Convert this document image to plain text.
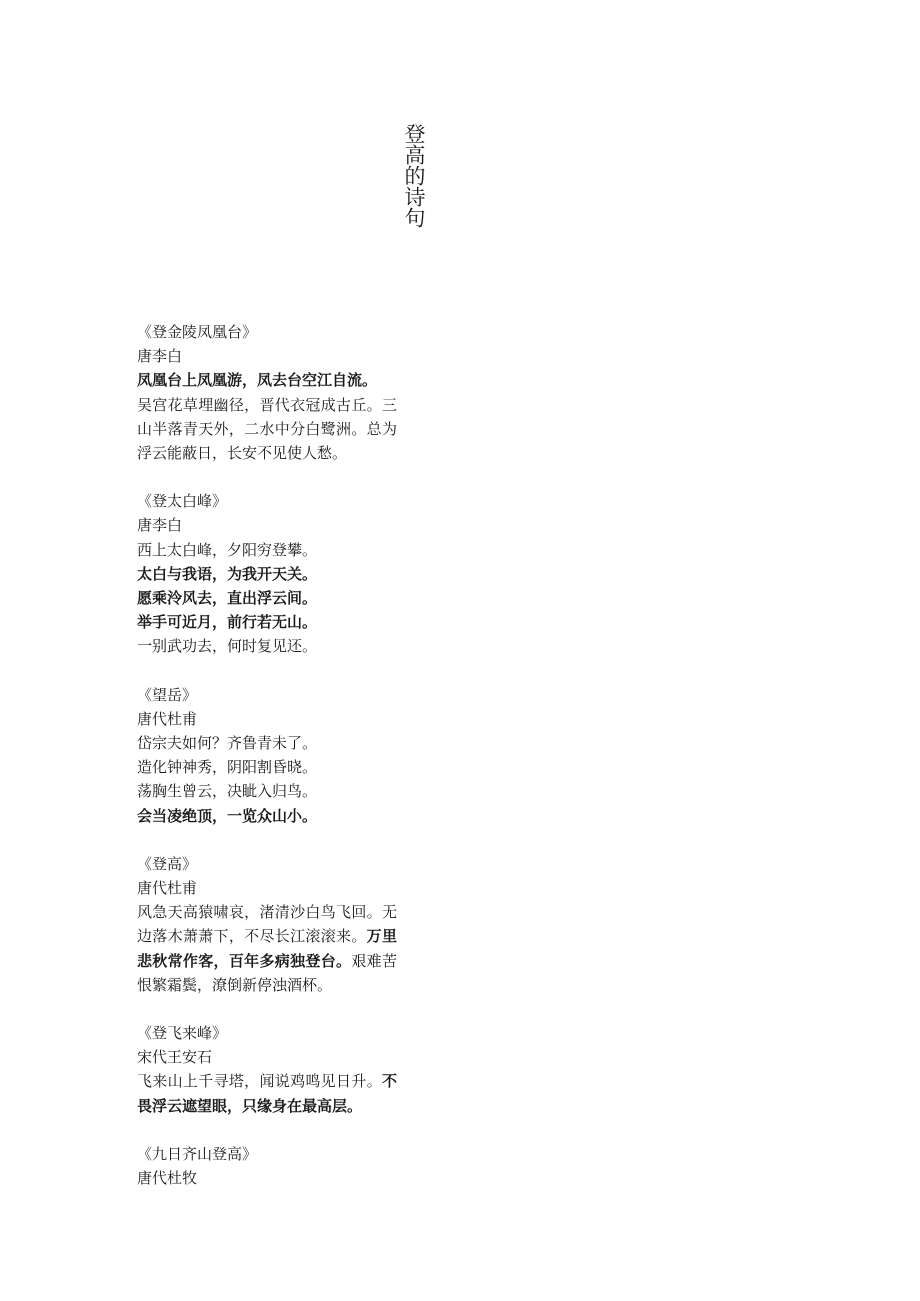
登高的诗句
《登金陵凤凰台》
唐李白
凤凰台上凤凰游，凤去台空江自流。
吴宫花草埋幽径，晋代衣冠成古丘。三山半落青天外，二水中分白鹭洲。总为浮云能蔽日，长安不见使人愁。
《登太白峰》
唐李白
西上太白峰，夕阳穷登攀。
太白与我语，为我开天关。
愿乘泠风去，直出浮云间。
举手可近月，前行若无山。
一别武功去，何时复见还。
《望岳》
唐代杜甫
岱宗夫如何？齐鲁青未了。
造化钟神秀，阴阳割昏晓。
荡胸生曾云，决眦入归鸟。
会当凌绝顶，一览众山小。
《登高》
唐代杜甫
风急天高猿啸哀，渚清沙白鸟飞回。无边落木萧萧下，不尽长江滚滚来。万里悲秋常作客，百年多病独登台。艰难苦恨繁霜鬓，潦倒新停浊酒杯。
《登飞来峰》
宋代王安石
飞来山上千寻塔，闻说鸡鸣见日升。不畏浮云遮望眼，只缘身在最高层。
《九日齐山登高》
唐代杜牧
